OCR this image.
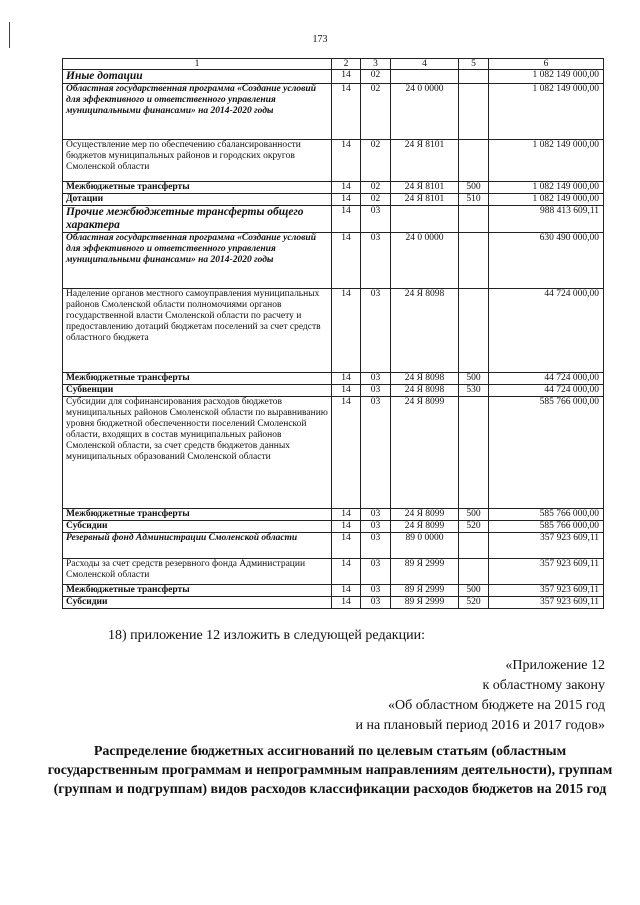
173
1	2	3	4	5	6
Иные дотации	14	02			1 082 149 000,00
Областная государственная программа «Создание условий для эффективного и ответственного управления муниципальными финансами» на 2014-2020 годы	14	02	24 0 0000		1 082 149 000,00
Осуществление мер по обеспечению сбалансированности бюджетов муниципальных районов и городских округов Смоленской области	14	02	24 Я 8101		1 082 149 000,00
Межбюджетные трансферты	14	02	24 Я 8101	500	1 082 149 000,00
Дотации	14	02	24 Я 8101	510	1 082 149 000,00
Прочие межбюджетные трансферты общего характера	14	03			988 413 609,11
Областная государственная программа «Создание условий для эффективного и ответственного управления муниципальными финансами» на 2014-2020 годы	14	03	24 0 0000		630 490 000,00
Наделение органов местного самоуправления муниципальных районов Смоленской области полномочиями органов государственной власти Смоленской области по расчету и предоставлению дотаций бюджетам поселений за счет средств областного бюджета	14	03	24 Я 8098		44 724 000,00
Межбюджетные трансферты	14	03	24 Я 8098	500	44 724 000,00
Субвенции	14	03	24 Я 8098	530	44 724 000,00
Субсидии для софинансирования расходов бюджетов муниципальных районов Смоленской области по выравниванию уровня бюджетной обеспеченности поселений Смоленской области, входящих в состав муниципальных районов Смоленской области, за счет средств бюджетов данных муниципальных образований Смоленской области	14	03	24 Я 8099		585 766 000,00
Межбюджетные трансферты	14	03	24 Я 8099	500	585 766 000,00
Субсидии	14	03	24 Я 8099	520	585 766 000,00
Резервный фонд Администрации Смоленской области	14	03	89 0 0000		357 923 609,11
Расходы за счет средств резервного фонда Администрации Смоленской области	14	03	89 Я 2999		357 923 609,11
Межбюджетные трансферты	14	03	89 Я 2999	500	357 923 609,11
Субсидии	14	03	89 Я 2999	520	357 923 609,11
18) приложение 12 изложить в следующей редакции:
«Приложение 12
к областному закону
«Об областном бюджете на 2015 год
и на плановый период 2016 и 2017 годов»
Распределение бюджетных ассигнований по целевым статьям (областным государственным программам и непрограммным направлениям деятельности), группам (группам и подгруппам) видов расходов классификации расходов бюджетов на 2015 год
